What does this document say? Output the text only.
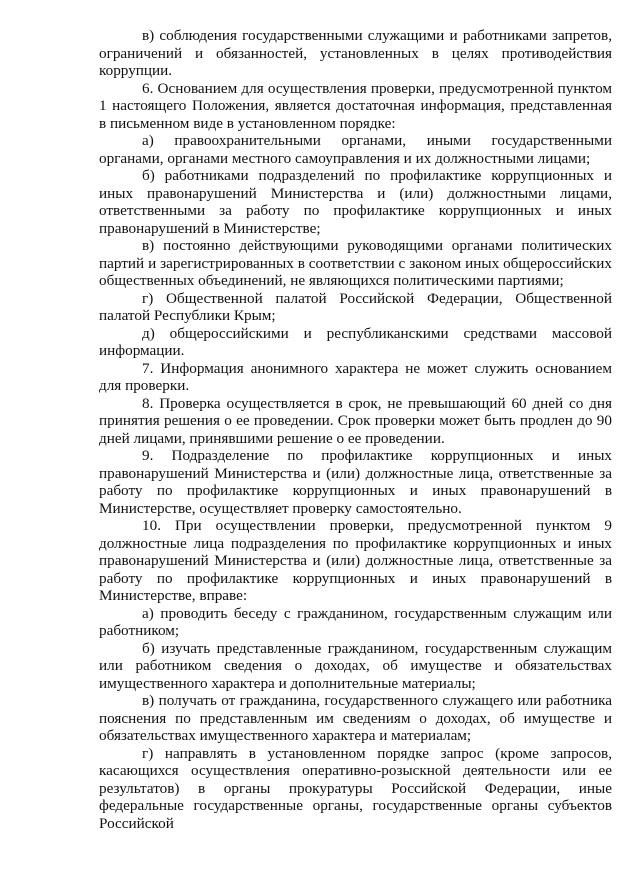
в) соблюдения государственными служащими и работниками запретов, ограничений и обязанностей, установленных в целях противодействия коррупции.

6. Основанием для осуществления проверки, предусмотренной пунктом 1 настоящего Положения, является достаточная информация, представленная в письменном виде в установленном порядке:

а) правоохранительными органами, иными государственными органами, органами местного самоуправления и их должностными лицами;

б) работниками подразделений по профилактике коррупционных и иных правонарушений Министерства и (или) должностными лицами, ответственными за работу по профилактике коррупционных и иных правонарушений в Министерстве;

в) постоянно действующими руководящими органами политических партий и зарегистрированных в соответствии с законом иных общероссийских общественных объединений, не являющихся политическими партиями;

г) Общественной палатой Российской Федерации, Общественной палатой Республики Крым;

д) общероссийскими и республиканскими средствами массовой информации.

7. Информация анонимного характера не может служить основанием для проверки.

8. Проверка осуществляется в срок, не превышающий 60 дней со дня принятия решения о ее проведении. Срок проверки может быть продлен до 90 дней лицами, принявшими решение о ее проведении.

9. Подразделение по профилактике коррупционных и иных правонарушений Министерства и (или) должностные лица, ответственные за работу по профилактике коррупционных и иных правонарушений в Министерстве, осуществляет проверку самостоятельно.

10. При осуществлении проверки, предусмотренной пунктом 9 должностные лица подразделения по профилактике коррупционных и иных правонарушений Министерства и (или) должностные лица, ответственные за работу по профилактике коррупционных и иных правонарушений в Министерстве, вправе:

а) проводить беседу с гражданином, государственным служащим или работником;

б) изучать представленные гражданином, государственным служащим или работником сведения о доходах, об имуществе и обязательствах имущественного характера и дополнительные материалы;

в) получать от гражданина, государственного служащего или работника пояснения по представленным им сведениям о доходах, об имуществе и обязательствах имущественного характера и материалам;

г) направлять в установленном порядке запрос (кроме запросов, касающихся осуществления оперативно-розыскной деятельности или ее результатов) в органы прокуратуры Российской Федерации, иные федеральные государственные органы, государственные органы субъектов Российской
